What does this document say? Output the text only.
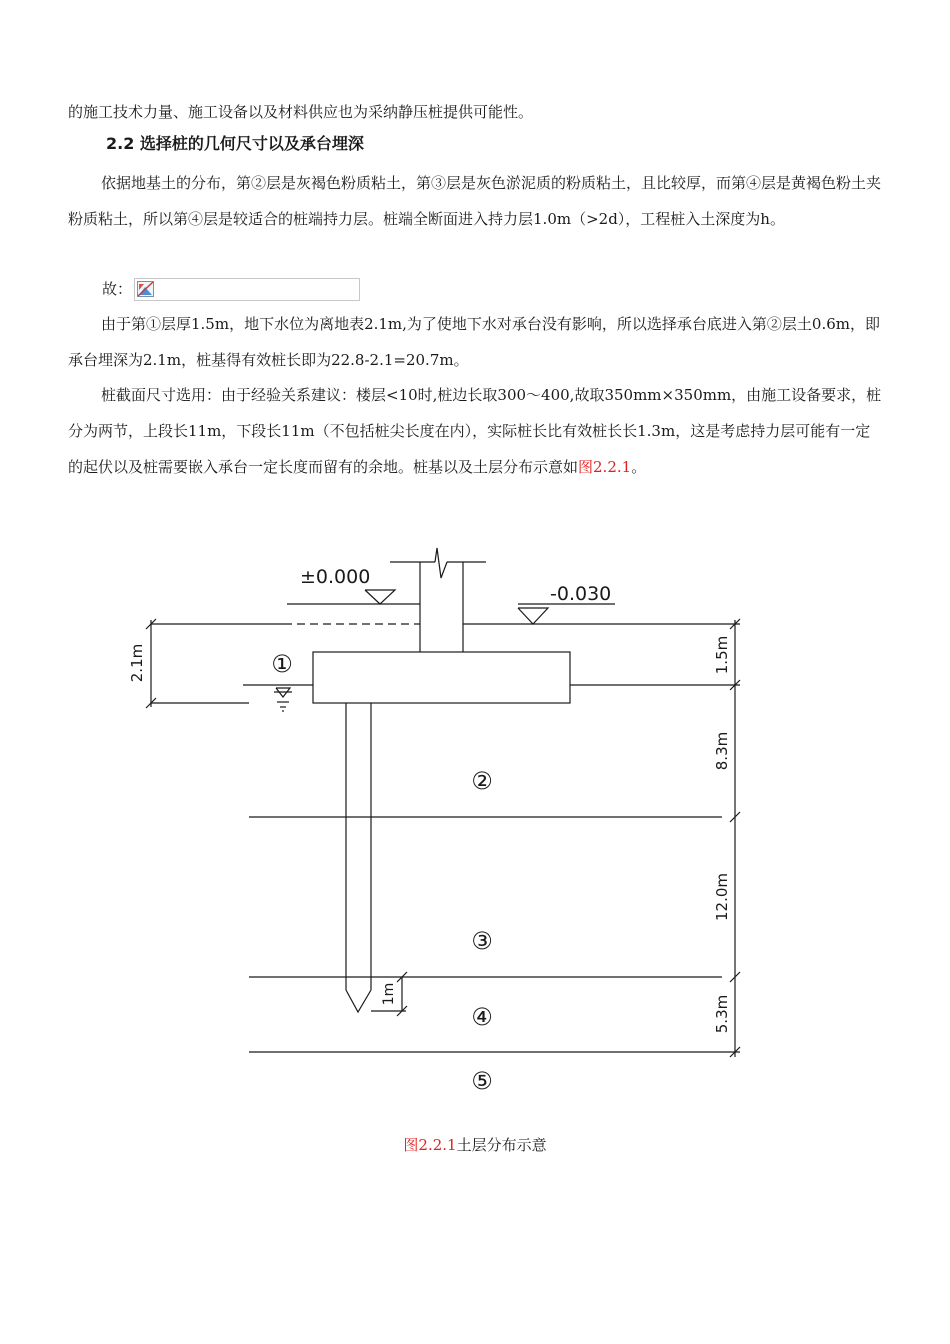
的施工技术力量、施工设备以及材料供应也为采纳静压桩提供可能性。

2.2 选择桩的几何尺寸以及承台埋深

依据地基土的分布，第②层是灰褐色粉质粘土，第③层是灰色淤泥质的粉质粘土，且比较厚，而第④层是黄褐色粉土夹粉质粘土，所以第④层是较适合的桩端持力层。桩端全断面进入持力层1.0m（>2d），工程桩入土深度为h。

故：

由于第①层厚1.5m，地下水位为离地表2.1m,为了使地下水对承台没有影响，所以选择承台底进入第②层土0.6m，即承台埋深为2.1m，桩基得有效桩长即为22.8-2.1=20.7m。

桩截面尺寸选用：由于经验关系建议：楼层<10时,桩边长取300～400,故取350mm×350mm，由施工设备要求，桩分为两节，上段长11m，下段长11m（不包括桩尖长度在内），实际桩长比有效桩长长1.3m，这是考虑持力层可能有一定的起伏以及桩需要嵌入承台一定长度而留有的余地。桩基以及土层分布示意如图2.2.1。

±0.000
-0.030
2.1m	1.5m
8.3m
12.0m
5.3m
1m
①
②
③
④
⑤
图2.2.1土层分布示意
